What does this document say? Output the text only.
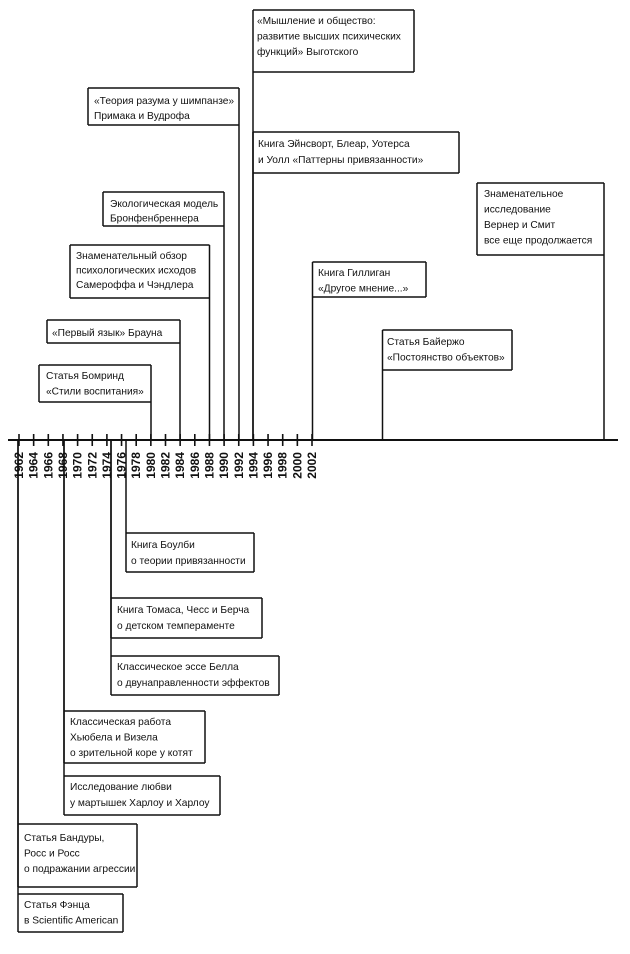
1962 1964 1966 1968 1970 1972 1974 1976 1978 1980 1982 1984 1986 1988 1990 1992 1994 1996 1998 2000 2002
«Мышление и общество:
развитие высших психических
функций» Выготского
«Теория разума у шимпанзе»
Примака и Вудрофа
Книга Эйнсворт, Блеар, Уотерса
и Уолл «Паттерны привязанности»
Экологическая модель
Бронфенбреннера
Знаменательное
исследование
Вернер и Смит
все еще продолжается
Знаменательный обзор
психологических исходов
Самероффа и Чэндлера
Книга Гиллиган
«Другое мнение...»
«Первый язык» Брауна
Статья Байержо
«Постоянство объектов»
Статья Бомринд
«Стили воспитания»
Книга Боулби
о теории привязанности
Книга Томаса, Чесс и Берча
о детском темпераменте
Классическое эссе Белла
о двунаправленности эффектов
Классическая работа
Хьюбела и Визела
о зрительной коре у котят
Исследование любви
у мартышек Харлоу и Харлоу
Статья Бандуры,
Росс и Росс
о подражании агрессии
Статья Фэнца
в Scientific American
